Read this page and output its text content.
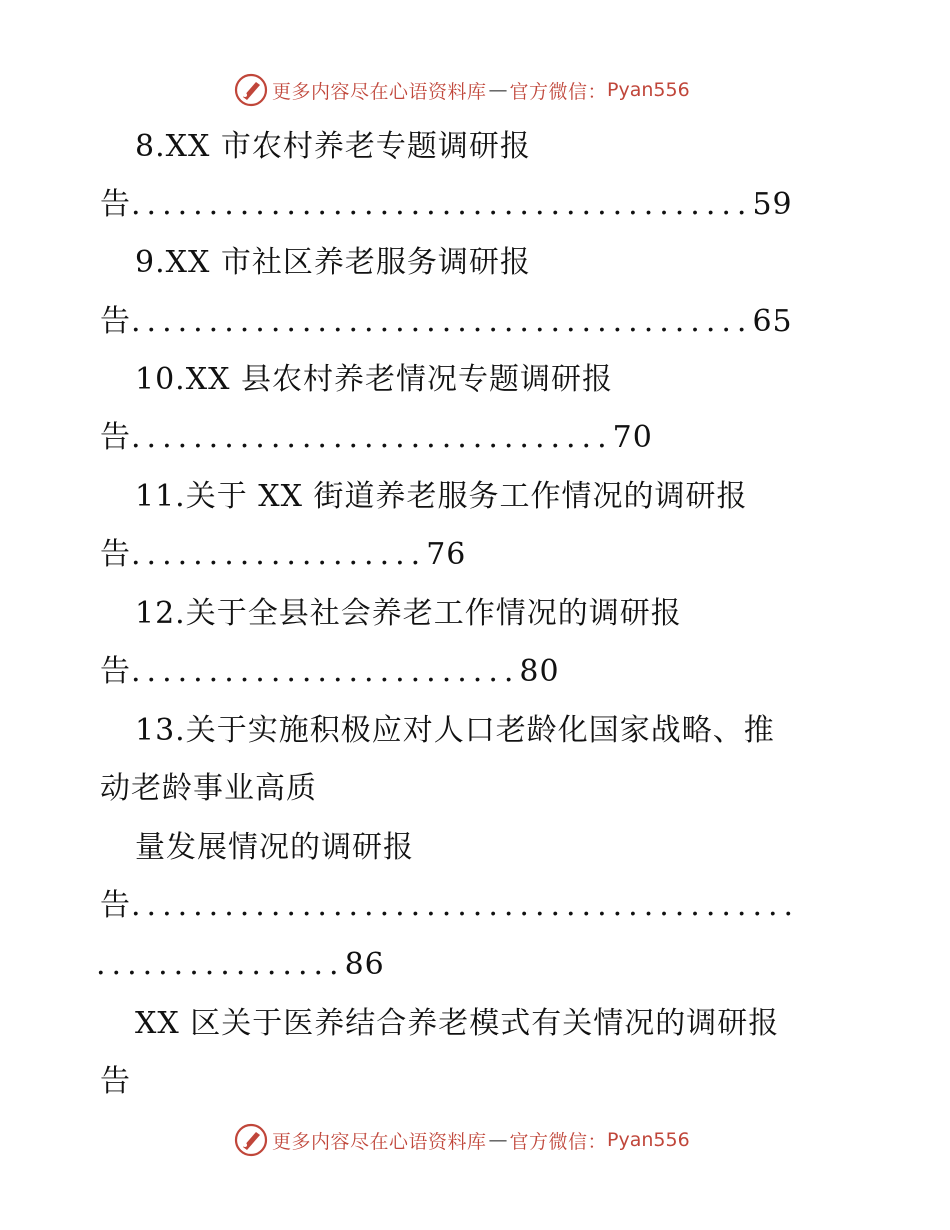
更多内容尽在心语资料库 — 官方微信： Pyan556
8.XX 市农村养老专题调研报
告........................................59
9.XX 市社区养老服务调研报
告........................................65
10.XX 县农村养老情况专题调研报
告...............................70
11.关于 XX 街道养老服务工作情况的调研报
告...................76
12.关于全县社会养老工作情况的调研报
告.........................80
13.关于实施积极应对人口老龄化国家战略、推
动老龄事业高质
量发展情况的调研报
告...........................................
................86
XX 区关于医养结合养老模式有关情况的调研报
告
更多内容尽在心语资料库 — 官方微信： Pyan556
